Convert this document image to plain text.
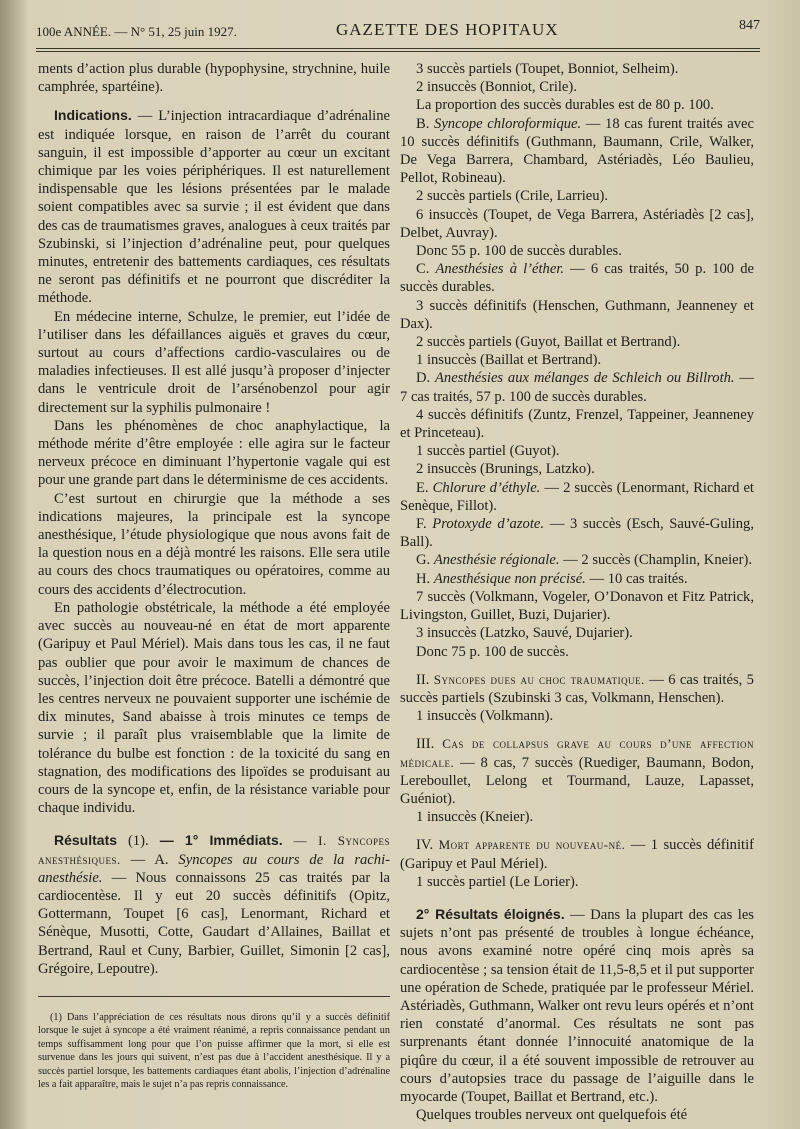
100e ANNÉE. — N° 51, 25 juin 1927.	GAZETTE DES HOPITAUX	847

ments d’action plus durable (hypophysine, strychnine, huile camphrée, spartéine).

Indications. — L’injection intracardiaque d’adrénaline est indiquée lorsque, en raison de l’arrêt du courant sanguin, il est impossible d’apporter au cœur un excitant chimique par les voies périphériques. Il est naturellement indispensable que les lésions présentées par le malade soient compatibles avec sa survie ; il est évident que dans des cas de traumatismes graves, analogues à ceux traités par Szubinski, si l’injection d’adrénaline peut, pour quelques minutes, entretenir des battements cardiaques, ces résultats ne seront pas définitifs et ne pourront que discréditer la méthode.

En médecine interne, Schulze, le premier, eut l’idée de l’utiliser dans les défaillances aiguës et graves du cœur, surtout au cours d’affections cardio-vasculaires ou de maladies infectieuses. Il est allé jusqu’à proposer d’injecter dans le ventricule droit de l’arsénobenzol pour agir directement sur la syphilis pulmonaire !

Dans les phénomènes de choc anaphylactique, la méthode mérite d’être employée : elle agira sur le facteur nerveux précoce en diminuant l’hypertonie vagale qui est pour une grande part dans le déterminisme de ces accidents.

C’est surtout en chirurgie que la méthode a ses indications majeures, la principale est la syncope anesthésique, l’étude physiologique que nous avons fait de la question nous en a déjà montré les raisons. Elle sera utile au cours des chocs traumatiques ou opératoires, comme au cours des accidents d’électrocution.

En pathologie obstétricale, la méthode a été employée avec succès au nouveau-né en état de mort apparente (Garipuy et Paul Mériel). Mais dans tous les cas, il ne faut pas oublier que pour avoir le maximum de chances de succès, l’injection doit être précoce. Batelli a démontré que les centres nerveux ne pouvaient supporter une ischémie de dix minutes, Sand abaisse à trois minutes ce temps de survie ; il paraît plus vraisemblable que la limite de tolérance du bulbe est fonction : de la toxicité du sang en stagnation, des modifications des lipoïdes se produisant au cours de la syncope et, enfin, de la résistance variable pour chaque individu.

Résultats (1). — 1° Immédiats. — I. Syncopes anesthésiques. — A. Syncopes au cours de la rachi-anesthésie. — Nous connaissons 25 cas traités par la cardiocentèse. Il y eut 20 succès définitifs (Opitz, Gottermann, Toupet [6 cas], Lenormant, Richard et Sénèque, Musotti, Cotte, Gaudart d’Allaines, Baillat et Bertrand, Raul et Cuny, Barbier, Guillet, Simonin [2 cas], Grégoire, Lepoutre).

(1) Dans l’appréciation de ces résultats nous dirons qu’il y a succès définitif lorsque le sujet à syncope a été vraiment réanimé, a repris connaissance pendant un temps suffisamment long pour que l’on puisse affirmer que la mort, si elle est survenue dans les jours qui suivent, n’est pas due à l’accident anesthésique. Il y a succès partiel lorsque, les battements cardiaques étant abolis, l’injection d’adrénaline les a fait apparaître, mais le sujet n’a pas repris connaissance.

3 succès partiels (Toupet, Bonniot, Selheim).

2 insuccès (Bonniot, Crile).

La proportion des succès durables est de 80 p. 100.

B. Syncope chloroformique. — 18 cas furent traités avec 10 succès définitifs (Guthmann, Baumann, Crile, Walker, De Vega Barrera, Chambard, Astériadès, Léo Baulieu, Pellot, Robineau).

2 succès partiels (Crile, Larrieu).

6 insuccès (Toupet, de Vega Barrera, Astériadès [2 cas], Delbet, Auvray).

Donc 55 p. 100 de succès durables.

C. Anesthésies à l’éther. — 6 cas traités, 50 p. 100 de succès durables.

3 succès définitifs (Henschen, Guthmann, Jeanneney et Dax).

2 succès partiels (Guyot, Baillat et Bertrand).

1 insuccès (Baillat et Bertrand).

D. Anesthésies aux mélanges de Schleich ou Billroth. — 7 cas traités, 57 p. 100 de succès durables.

4 succès définitifs (Zuntz, Frenzel, Tappeiner, Jeanneney et Princeteau).

1 succès partiel (Guyot).

2 insuccès (Brunings, Latzko).

E. Chlorure d’éthyle. — 2 succès (Lenormant, Richard et Senèque, Fillot).

F. Protoxyde d’azote. — 3 succès (Esch, Sauvé-Guling, Ball).

G. Anesthésie régionale. — 2 succès (Champlin, Kneier).

H. Anesthésique non précisé. — 10 cas traités.

7 succès (Volkmann, Vogeler, O’Donavon et Fitz Patrick, Livingston, Guillet, Buzi, Dujarier).

3 insuccès (Latzko, Sauvé, Dujarier).

Donc 75 p. 100 de succès.

II. Syncopes dues au choc traumatique. — 6 cas traités, 5 succès partiels (Szubinski 3 cas, Volkmann, Henschen).

1 insuccès (Volkmann).

III. Cas de collapsus grave au cours d’une affection médicale. — 8 cas, 7 succès (Ruediger, Baumann, Bodon, Lereboullet, Lelong et Tourmand, Lauze, Lapasset, Guéniot).

1 insuccès (Kneier).

IV. Mort apparente du nouveau-né. — 1 succès définitif (Garipuy et Paul Mériel).

1 succès partiel (Le Lorier).

2° Résultats éloignés. — Dans la plupart des cas les sujets n’ont pas présenté de troubles à longue échéance, nous avons examiné notre opéré cinq mois après sa cardiocentèse ; sa tension était de 11,5-8,5 et il put supporter une opération de Schede, pratiquée par le professeur Mériel. Astériadès, Guthmann, Walker ont revu leurs opérés et n’ont rien constaté d’anormal. Ces résultats ne sont pas surprenants étant donnée l’innocuité anatomique de la piqûre du cœur, il a été souvent impossible de retrouver au cours d’autopsies trace du passage de l’aiguille dans le myocarde (Toupet, Baillat et Bertrand, etc.).

Quelques troubles nerveux ont quelquefois été
